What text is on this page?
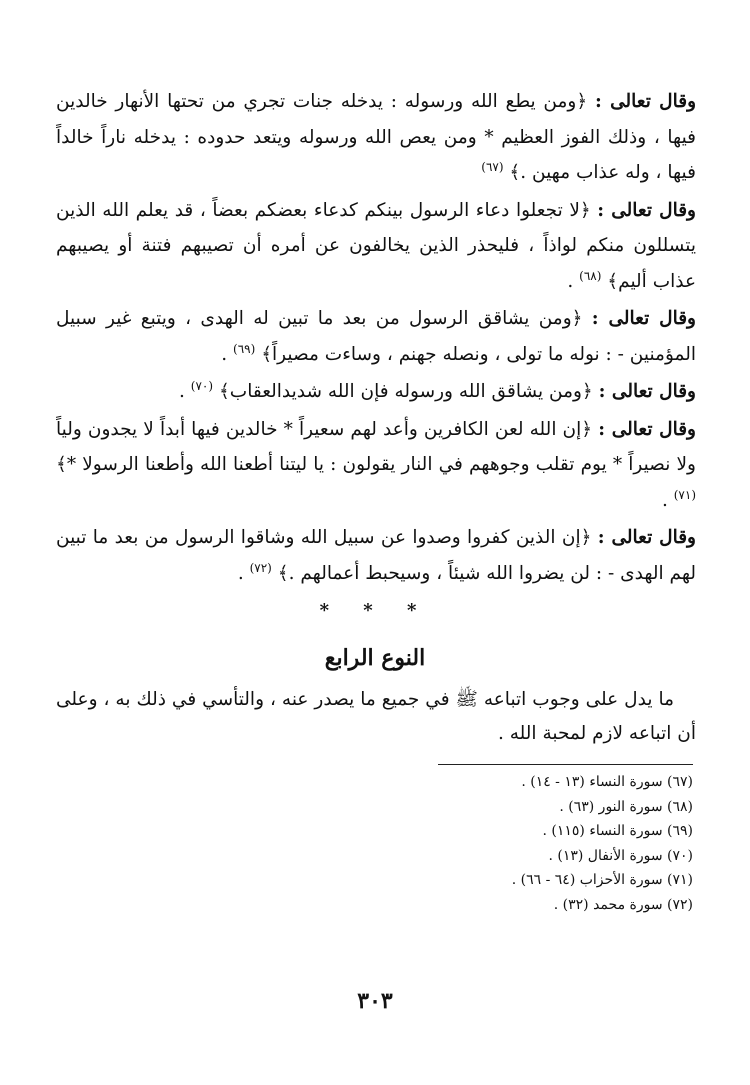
وقال تعالى : ﴿ومن يطع الله ورسوله : يدخله جنات تجري من تحتها الأنهار خالدين فيها ، وذلك الفوز العظيم * ومن يعص الله ورسوله ويتعد حدوده : يدخله ناراً خالداً فيها ، وله عذاب مهين .﴾ $^{(٦٧)}$

وقال تعالى : ﴿لا تجعلوا دعاء الرسول بينكم كدعاء بعضكم بعضاً ، قد يعلم الله الذين يتسللون منكم لواذاً ، فليحذر الذين يخالفون عن أمره أن تصيبهم فتنة أو يصيبهم عذاب أليم﴾ $^{(٦٨)}$ .

وقال تعالى : ﴿ومن يشاقق الرسول من بعد ما تبين له الهدى ، ويتبع غير سبيل المؤمنين - : نوله ما تولى ، ونصله جهنم ، وساءت مصيراً﴾ $^{(٦٩)}$ .

وقال تعالى : ﴿ومن يشاقق الله ورسوله فإن الله شديدالعقاب﴾ $^{(٧٠)}$ .

وقال تعالى : ﴿إن الله لعن الكافرين وأعد لهم سعيراً * خالدين فيها أبداً لا يجدون ولياً ولا نصيراً * يوم تقلب وجوههم في النار يقولون : يا ليتنا أطعنا الله وأطعنا الرسولا *﴾ $^{(٧١)}$ .

وقال تعالى : ﴿إن الذين كفروا وصدوا عن سبيل الله وشاقوا الرسول من بعد ما تبين لهم الهدى - : لن يضروا الله شيئاً ، وسيحبط أعمالهم .﴾ $^{(٧٢)}$ .

* * *
النوع الرابع

ما يدل على وجوب اتباعه ﷺ في جميع ما يصدر عنه ، والتأسي في ذلك به ، وعلى أن اتباعه لازم لمحبة الله .

(٦٧) سورة النساء (١٣ - ١٤) .
(٦٨) سورة النور (٦٣) .
(٦٩) سورة النساء (١١٥) .
(٧٠) سورة الأنفال (١٣) .
(٧١) سورة الأحزاب (٦٤ - ٦٦) .
(٧٢) سورة محمد (٣٢) .
٣٠٣
